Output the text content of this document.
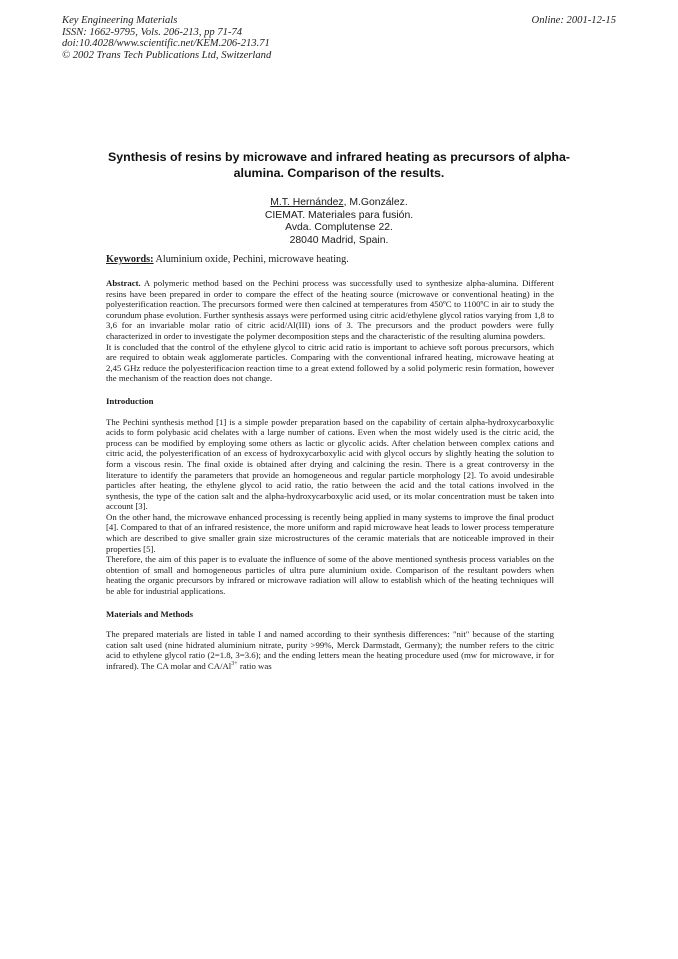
Key Engineering Materials
ISSN: 1662-9795, Vols. 206-213, pp 71-74
doi:10.4028/www.scientific.net/KEM.206-213.71
© 2002 Trans Tech Publications Ltd, Switzerland
Online: 2001-12-15
Synthesis of resins by microwave and infrared heating as precursors of alpha-alumina. Comparison of the results.
M.T. Hernández, M.González.
CIEMAT. Materiales para fusión.
Avda. Complutense 22.
28040 Madrid, Spain.
Keywords: Aluminium oxide, Pechini, microwave heating.

Abstract. A polymeric method based on the Pechini process was successfully used to synthesize alpha-alumina. Different resins have been prepared in order to compare the effect of the heating source (microwave or conventional heating) in the polyesterification reaction. The precursors formed were then calcined at temperatures from 450ºC to 1100ºC in air to study the corundum phase evolution. Further synthesis assays were performed using citric acid/ethylene glycol ratios varying from 1,8 to 3,6 for an invariable molar ratio of citric acid/Al(III) ions of 3. The precursors and the product powders were fully characterized in order to investigate the polymer decomposition steps and the characteristic of the resulting alumina powders.

It is concluded that the control of the ethylene glycol to citric acid ratio is important to achieve soft porous precursors, which are required to obtain weak agglomerate particles. Comparing with the conventional infrared heating, microwave heating at 2,45 GHz reduce the polyesterificacion reaction time to a great extend followed by a solid polymeric resin formation, however the mechanism of the reaction does not change.

Introduction

The Pechini synthesis method [1] is a simple powder preparation based on the capability of certain alpha-hydroxycarboxylic acids to form polybasic acid chelates with a large number of cations. Even when the most widely used is the citric acid, the process can be modified by employing some others as lactic or glycolic acids. After chelation between complex cations and citric acid, the polyesterification of an excess of hydroxycarboxylic acid with glycol occurs by slightly heating the solution to form a viscous resin. The final oxide is obtained after drying and calcining the resin. There is a great controversy in the literature to identify the parameters that provide an homogeneous and regular particle morphology [2]. To avoid undesirable particles after heating, the ethylene glycol to acid ratio, the ratio between the acid and the total cations involved in the synthesis, the type of the cation salt and the alpha-hydroxycarboxylic acid used, or its molar concentration must be taken into account [3].

On the other hand, the microwave enhanced processing is recently being applied in many systems to improve the final product [4]. Compared to that of an infrared resistence, the more uniform and rapid microwave heat leads to lower process temperature which are described to give smaller grain size microstructures of the ceramic materials that are noticeable improved in their properties [5].

Therefore, the aim of this paper is to evaluate the influence of some of the above mentioned synthesis process variables on the obtention of small and homogeneous particles of ultra pure aluminium oxide. Comparison of the resultant powders when heating the organic precursors by infrared or microwave radiation will allow to establish which of the heating techniques will be able for industrial applications.

Materials and Methods

The prepared materials are listed in table I and named according to their synthesis differences: "nit" because of the starting cation salt used (nine hidrated aluminium nitrate, purity >99%, Merck Darmstadt, Germany); the number refers to the citric acid to ethylene glycol ratio (2=1.8, 3=3.6); and the ending letters mean the heating procedure used (mw for microwave, ir for infrared). The CA molar and $CA/Al^{3+}$ ratio was
